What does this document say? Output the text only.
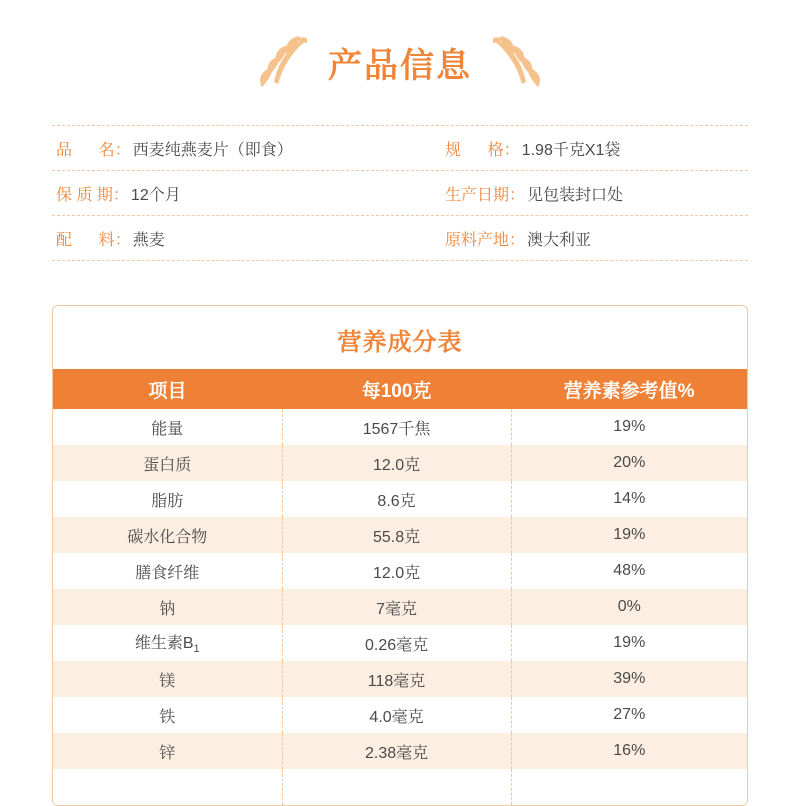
产品信息
品      名 ： 西麦纯燕麦片（即食）	规      格 ： 1.98千克X1袋
保 质 期 ： 12个月	生产日期 ： 见包装封口处
配      料 ： 燕麦	原料产地 ： 澳大利亚
营养成分表
项目	每100克	营养素参考值%
能量	1567千焦	19%
蛋白质	12.0克	20%
脂肪	8.6克	14%
碳水化合物	55.8克	19%
膳食纤维	12.0克	48%
钠	7毫克	0%
维生素$B_1$	0.26毫克	19%
镁	118毫克	39%
铁	4.0毫克	27%
锌	2.38毫克	16%
